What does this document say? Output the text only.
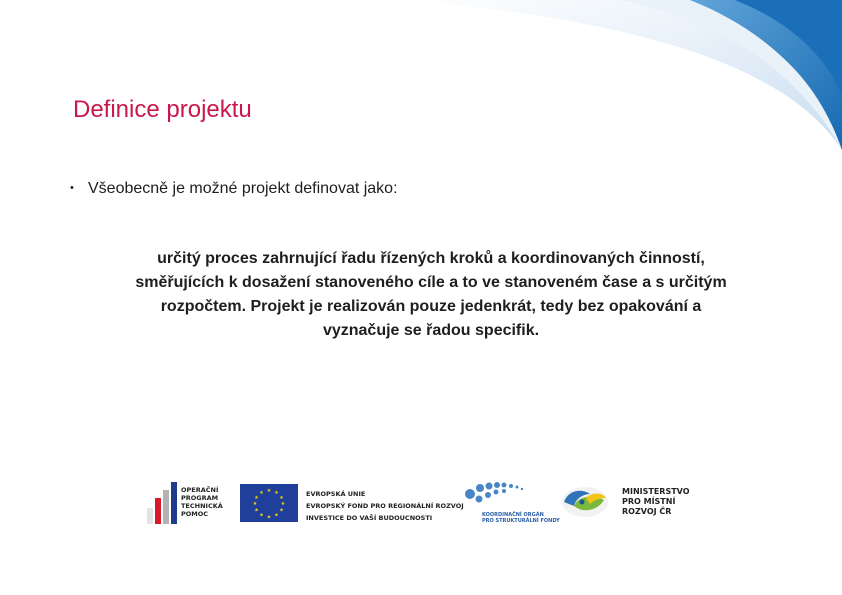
Definice projektu
• Všeobecně je možné projekt definovat jako:

určitý proces zahrnující řadu řízených kroků a koordinovaných činností,
směřujících k dosažení stanoveného cíle a to ve stanoveném čase a s určitým
rozpočtem. Projekt je realizován pouze jedenkrát, tedy bez opakování a
vyznačuje se řadou specifik.

OPERAČNÍ
PROGRAM
TECHNICKÁ
POMOC
★ ★
★
★
★
★
★
★
★
★
★
★	EVROPSKÁ UNIE
EVROPSKÝ FOND PRO REGIONÁLNÍ ROZVOJ
INVESTICE DO VAŠÍ BUDOUCNOSTI	KOORDINAČNÍ ORGÁN
PRO STRUKTURÁLNÍ FONDY
MINISTERSTVO
PRO MÍSTNÍ
ROZVOJ ČR
